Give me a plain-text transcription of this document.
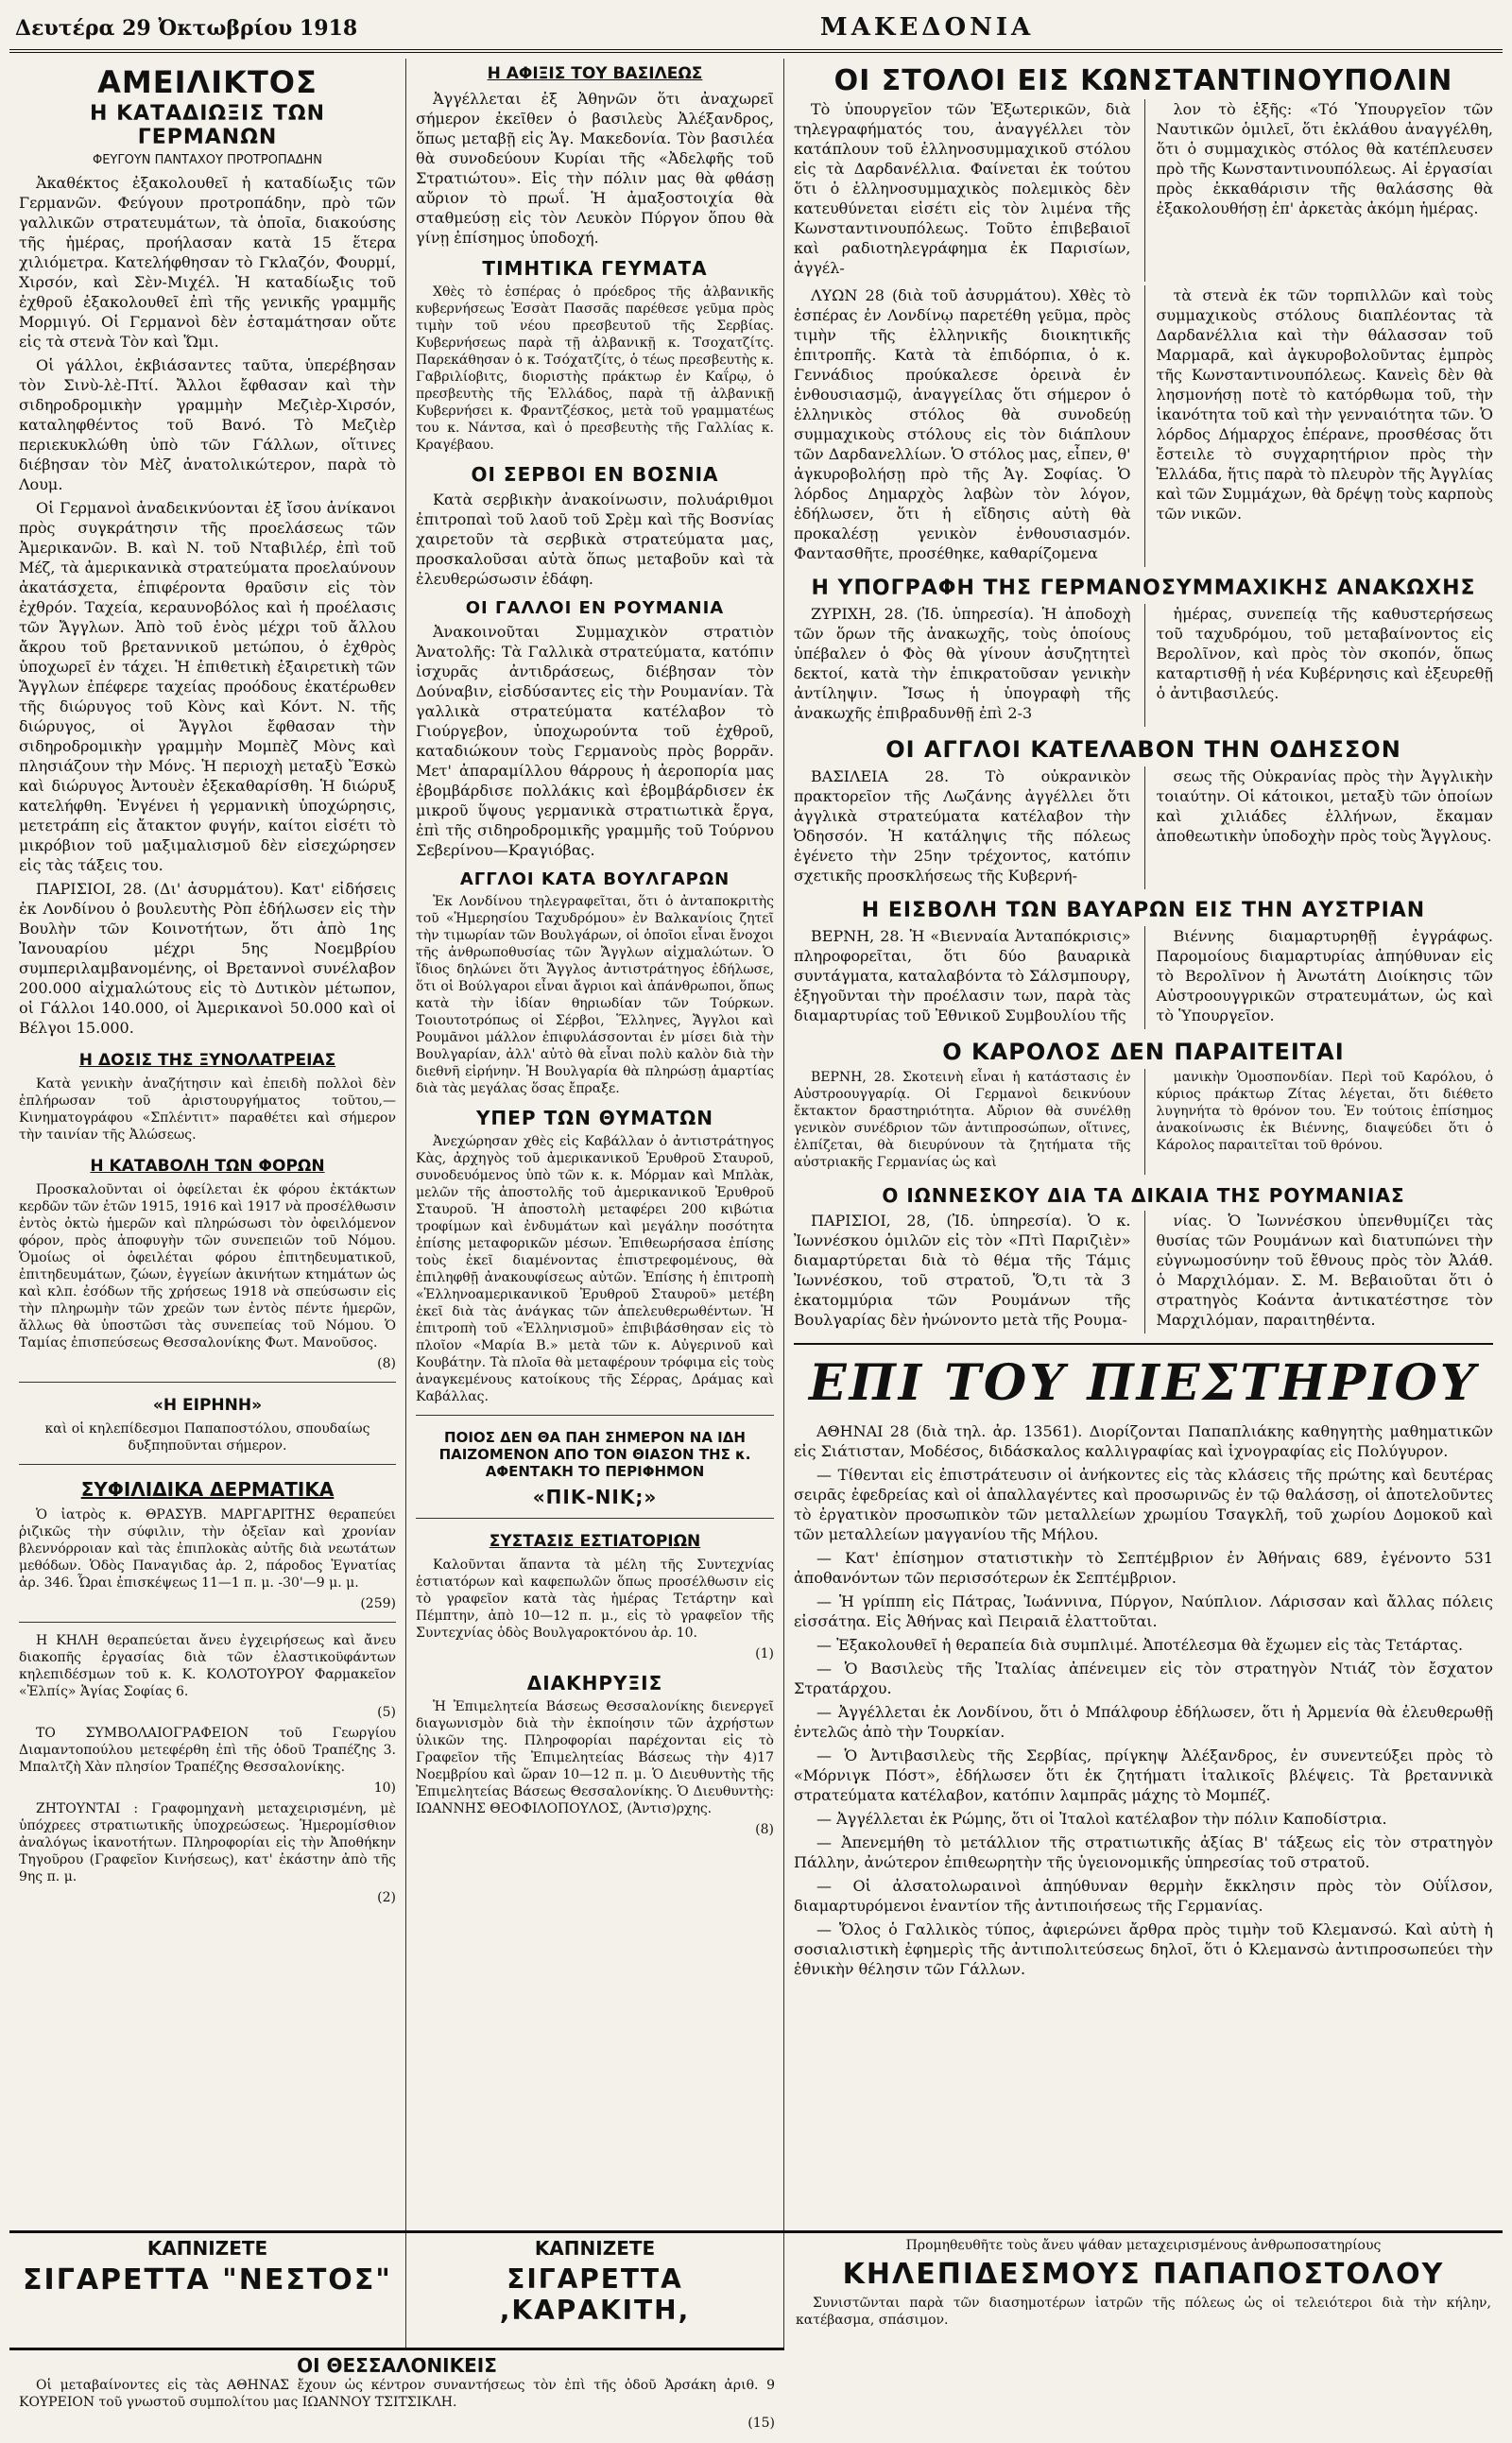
Δευτέρα 29 Ὀκτωβρίου 1918	ΜΑΚΕΔΟΝΙΑ
ΑΜΕΙΛΙΚΤΟΣ
Η ΚΑΤΑΔΙΩΞΙΣ ΤΩΝ ΓΕΡΜΑΝΩΝ
ΦΕΥΓΟΥΝ ΠΑΝΤΑΧΟΥ ΠΡΟΤΡΟΠΑΔΗΝ

Ἀκαθέκτος ἐξακολουθεῖ ἡ καταδίωξις τῶν Γερμανῶν. Φεύγουν προτροπάδην, πρὸ τῶν γαλλικῶν στρατευμάτων, τὰ ὁποῖα, διακούσης τῆς ἡμέρας, προήλασαν κατὰ 15 ἕτερα χιλιόμετρα. Κατελήφθησαν τὸ Γκλαζόν, Φουρμί, Χιρσόν, καὶ Σὲν-Μιχέλ. Ἡ καταδίωξις τοῦ ἐχθροῦ ἐξακολουθεῖ ἐπὶ τῆς γενικῆς γραμμῆς Μορμιγύ. Οἱ Γερμανοὶ δὲν ἐσταμάτησαν οὔτε εἰς τὰ στενὰ Τὸν καὶ Ὥμι.

Οἱ γάλλοι, ἐκβιάσαντες ταῦτα, ὑπερέβησαν τὸν Σινὺ-λὲ-Πτί. Ἄλλοι ἔφθασαν καὶ τὴν σιδηροδρομικὴν γραμμὴν Μεζιὲρ-Χιρσόν, καταληφθέντος τοῦ Βανό. Τὸ Μεζιὲρ περιεκυκλώθη ὑπὸ τῶν Γάλλων, οἵτινες διέβησαν τὸν Μὲζ ἀνατολικώτερον, παρὰ τὸ Λουμ.

Οἱ Γερμανοὶ ἀναδεικνύονται ἐξ ἴσου ἀνίκανοι πρὸς συγκράτησιν τῆς προελάσεως τῶν Ἀμερικανῶν. Β. καὶ Ν. τοῦ Νταβιλέρ, ἐπὶ τοῦ Μέζ, τὰ ἀμερικανικὰ στρατεύματα προελαύνουν ἀκατάσχετα, ἐπιφέροντα θραῦσιν εἰς τὸν ἐχθρόν. Ταχεία, κεραυνοβόλος καὶ ἡ προέλασις τῶν Ἄγγλων. Ἀπὸ τοῦ ἑνὸς μέχρι τοῦ ἄλλου ἄκρου τοῦ βρεταννικοῦ μετώπου, ὁ ἐχθρὸς ὑποχωρεῖ ἐν τάχει. Ἡ ἐπιθετικὴ ἐξαιρετικὴ τῶν Ἄγγλων ἐπέφερε ταχείας προόδους ἑκατέρωθεν τῆς διώρυγος τοῦ Κὸνς καὶ Κόντ. Ν. τῆς διώρυγος, οἱ Ἄγγλοι ἔφθασαν τὴν σιδηροδρομικὴν γραμμὴν Μομπὲζ Μὸνς καὶ πλησιάζουν τὴν Μόνς. Ἡ περιοχὴ μεταξὺ Ἔσκὼ καὶ διώρυγος Ἀντουὲν ἐξεκαθαρίσθη. Ἡ διώρυξ κατελήφθη. Ἐνγένει ἡ γερμανικὴ ὑποχώρησις, μετετράπη εἰς ἄτακτον φυγήν, καίτοι εἰσέτι τὸ μικρόβιον τοῦ μαξιμαλισμοῦ δὲν εἰσεχώρησεν εἰς τὰς τάξεις του.

ΠΑΡΙΣΙΟΙ, 28. (Δι' ἀσυρμάτου). Κατ' εἰδήσεις ἐκ Λονδίνου ὁ βουλευτὴς Ρὸπ ἐδήλωσεν εἰς τὴν Βουλὴν τῶν Κοινοτήτων, ὅτι ἀπὸ 1ης Ἰανουαρίου μέχρι 5ης Νοεμβρίου συμπεριλαμβανομένης, οἱ Βρεταννοὶ συνέλαβον 200.000 αἰχμαλώτους εἰς τὸ Δυτικὸν μέτωπον, οἱ Γάλλοι 140.000, οἱ Ἀμερικανοὶ 50.000 καὶ οἱ Βέλγοι 15.000.

Η ΔΟΣΙΣ ΤΗΣ ΞΥΝΟΛΑΤΡΕΙΑΣ

Κατὰ γενικὴν ἀναζήτησιν καὶ ἐπειδὴ πολλοὶ δὲν ἐπλήρωσαν τοῦ ἀριστουργήματος τοῦτου,— Κινηματογράφου «Σπλέντιτ» παραθέτει καὶ σήμερον τὴν ταινίαν τῆς Ἀλώσεως.

Η ΚΑΤΑΒΟΛΗ ΤΩΝ ΦΟΡΩΝ

Προσκαλοῦνται οἱ ὀφείλεται ἐκ φόρου ἐκτάκτων κερδῶν τῶν ἐτῶν 1915, 1916 καὶ 1917 νὰ προσέλθωσιν ἐντὸς ὀκτὼ ἡμερῶν καὶ πληρώσωσι τὸν ὀφειλόμενον φόρον, πρὸς ἀποφυγὴν τῶν συνεπειῶν τοῦ Νόμου. Ὁμοίως οἱ ὀφειλέται φόρου ἐπιτηδευματικοῦ, ἐπιτηδευμάτων, ζώων, ἐγγείων ἀκινήτων κτημάτων ὡς καὶ κλπ. ἐσόδων τῆς χρήσεως 1918 νὰ σπεύσωσιν εἰς τὴν πληρωμὴν τῶν χρεῶν των ἐντὸς πέντε ἡμερῶν, ἄλλως θὰ ὑποστῶσι τὰς συνεπείας τοῦ Νόμου. Ὁ Ταμίας ἐπισπεύσεως Θεσσαλονίκης Φωτ. Μανοῦσος.

(8)

«Η ΕΙΡΗΝΗ»

καὶ οἱ κηλεπίδεσμοι Παπαποστόλου, σπουδαίως δυξπηποῦνται σήμερον.

ΣΥΦΙΛΙΔΙΚΑ ΔΕΡΜΑΤΙΚΑ

Ὁ ἰατρὸς κ. ΘΡΑΣΥΒ. ΜΑΡΓΑΡΙΤΗΣ θεραπεύει ῥιζικῶς τὴν σύφιλιν, τὴν ὀξεῖαν καὶ χρονίαν βλεννόρροιαν καὶ τὰς ἐπιπλοκὰς αὐτῆς διὰ νεωτάτων μεθόδων. Ὁδὸς Παναγιδας ἀρ. 2, πάροδος Ἐγνατίας ἀρ. 346. Ὧραι ἐπισκέψεως 11—1 π. μ. -30'—9 μ. μ.

(259)

Η ΚΗΛΗ θεραπεύεται ἄνευ ἐγχειρήσεως καὶ ἄνευ διακοπῆς ἐργασίας διὰ τῶν ἐλαστικοϋφάντων κηλεπιδέσμων τοῦ κ. Κ. ΚΟΛΟΤΟΥΡΟΥ Φαρμακεῖον «Ἐλπίς» Ἁγίας Σοφίας 6.

(5)

ΤΟ ΣΥΜΒΟΛΑΙΟΓΡΑΦΕΙΟΝ τοῦ Γεωργίου Διαμαντοπούλου μετεφέρθη ἐπὶ τῆς ὁδοῦ Τραπέζης 3. Μπαλτζὴ Χὰν πλησίον Τραπέζης Θεσσαλονίκης.

10)

ΖΗΤΟΥΝΤΑΙ : Γραφομηχανὴ μεταχειρισμένη, μὲ ὑπόχρεες στρατιωτικῆς ὑποχρεώσεως. Ἡμερομίσθιον ἀναλόγως ἱκανοτήτων. Πληροφορίαι εἰς τὴν Ἀποθήκην Τηγοῦρου (Γραφεῖον Κινήσεως), κατ' ἑκάστην ἀπὸ τῆς 9ης π. μ.

(2)

Η ΑΦΙΞΙΣ ΤΟΥ ΒΑΣΙΛΕΩΣ

Ἀγγέλλεται ἐξ Ἀθηνῶν ὅτι ἀναχωρεῖ σήμερον ἐκεῖθεν ὁ βασιλεὺς Ἀλέξανδρος, ὅπως μεταβῇ εἰς Ἁγ. Μακεδονία. Τὸν βασιλέα θὰ συνοδεύουν Κυρίαι τῆς «Ἀδελφῆς τοῦ Στρατιώτου». Εἰς τὴν πόλιν μας θὰ φθάσῃ αὔριον τὸ πρωΐ. Ἡ ἀμαξοστοιχία θὰ σταθμεύσῃ εἰς τὸν Λευκὸν Πύργον ὅπου θὰ γίνῃ ἐπίσημος ὑποδοχή.

ΤΙΜΗΤΙΚΑ ΓΕΥΜΑΤΑ

Χθὲς τὸ ἑσπέρας ὁ πρόεδρος τῆς ἀλβανικῆς κυβερνήσεως Ἐσσὰτ Πασσᾶς παρέθεσε γεῦμα πρὸς τιμὴν τοῦ νέου πρεσβευτοῦ τῆς Σερβίας. Κυβερνήσεως παρὰ τῇ ἀλβανικῇ κ. Τσοχατζίτς. Παρεκάθησαν ὁ κ. Τσόχατζίτς, ὁ τέως πρεσβευτὴς κ. Γαβριλίοβιτς, διοριστὴς πράκτωρ ἐν Καΐρῳ, ὁ πρεσβευτὴς τῆς Ἑλλάδος, παρὰ τῇ ἀλβανικῇ Κυβερνήσει κ. Φραντζέσκος, μετὰ τοῦ γραμματέως του κ. Νάντσα, καὶ ὁ πρεσβευτὴς τῆς Γαλλίας κ. Κραγέβαου.

ΟΙ ΣΕΡΒΟΙ ΕΝ ΒΟΣΝΙΑ

Κατὰ σερβικὴν ἀνακοίνωσιν, πολυάριθμοι ἐπιτροπαὶ τοῦ λαοῦ τοῦ Σρὲμ καὶ τῆς Βοσνίας χαιρετοῦν τὰ σερβικὰ στρατεύματα μας, προσκαλοῦσαι αὐτὰ ὅπως μεταβοῦν καὶ τὰ ἐλευθερώσωσιν ἐδάφη.

ΟΙ ΓΑΛΛΟΙ ΕΝ ΡΟΥΜΑΝΙΑ

Ἀνακοινοῦται Συμμαχικὸν στρατιὸν Ἀνατολῆς: Τὰ Γαλλικὰ στρατεύματα, κατόπιν ἰσχυρᾶς ἀντιδράσεως, διέβησαν τὸν Δούναβιν, εἰσδύσαντες εἰς τὴν Ρουμανίαν. Τὰ γαλλικὰ στρατεύματα κατέλαβον τὸ Γιούργεβον, ὑποχωρούντα τοῦ ἐχθροῦ, καταδιώκουν τοὺς Γερμανοὺς πρὸς βορρᾶν. Μετ' ἀπαραμίλλου θάρρους ἡ ἀεροπορία μας ἐβομβάρδισε πολλάκις καὶ ἐβομβάρδισεν ἐκ μικροῦ ὕψους γερμανικὰ στρατιωτικὰ ἔργα, ἐπὶ τῆς σιδηροδρομικῆς γραμμῆς τοῦ Τούρνου Σεβερίνου—Κραγιόβας.

ΑΓΓΛΟΙ ΚΑΤΑ ΒΟΥΛΓΑΡΩΝ

Ἐκ Λονδίνου τηλεγραφεῖται, ὅτι ὁ ἀνταποκριτὴς τοῦ «Ἡμερησίου Ταχυδρόμου» ἐν Βαλκανίοις ζητεῖ τὴν τιμωρίαν τῶν Βουλγάρων, οἱ ὁποῖοι εἶναι ἔνοχοι τῆς ἀνθρωποθυσίας τῶν Ἄγγλων αἰχμαλώτων. Ὁ ἴδιος δηλώνει ὅτι Ἄγγλος ἀντιστράτηγος ἐδήλωσε, ὅτι οἱ Βούλγαροι εἶναι ἄγριοι καὶ ἀπάνθρωποι, ὅπως κατὰ τὴν ἰδίαν θηριωδίαν τῶν Τούρκων. Τοιουτοτρόπως οἱ Σέρβοι, Ἕλληνες, Ἄγγλοι καὶ Ρουμᾶνοι μάλλον ἐπιφυλάσσονται ἐν μίσει διὰ τὴν Βουλγαρίαν, ἀλλ' αὐτὸ θὰ εἶναι πολὺ καλὸν διὰ τὴν διεθνῆ εἰρήνην. Ἡ Βουλγαρία θὰ πληρώσῃ ἁμαρτίας διὰ τὰς μεγάλας ὅσας ἔπραξε.

ΥΠΕΡ ΤΩΝ ΘΥΜΑΤΩΝ

Ἀνεχώρησαν χθὲς εἰς Καβάλλαν ὁ ἀντιστράτηγος Κὰς, ἀρχηγὸς τοῦ ἀμερικανικοῦ Ἐρυθροῦ Σταυροῦ, συνοδευόμενος ὑπὸ τῶν κ. κ. Μόρμαν καὶ Μπλὰκ, μελῶν τῆς ἀποστολῆς τοῦ ἀμερικανικοῦ Ἐρυθροῦ Σταυροῦ. Ἡ ἀποστολὴ μεταφέρει 200 κιβώτια τροφίμων καὶ ἐνδυμάτων καὶ μεγάλην ποσότητα ἐπίσης μεταφορικῶν μέσων. Ἐπιθεωρήσασα ἐπίσης τοὺς ἐκεῖ διαμένοντας ἐπιστρεφομένους, θὰ ἐπιληφθῇ ἀνακουφίσεως αὐτῶν. Ἐπίσης ἡ ἐπιτροπὴ «Ἑλληνοαμερικανικοῦ Ἐρυθροῦ Σταυροῦ» μετέβη ἐκεῖ διὰ τὰς ἀνάγκας τῶν ἀπελευθερωθέντων. Ἡ ἐπιτροπὴ τοῦ «Ἑλληνισμοῦ» ἐπιβιβάσθησαν εἰς τὸ πλοῖον «Μαρία Β.» μετὰ τῶν κ. Αὐγερινοῦ καὶ Κουβάτην. Τὰ πλοῖα θὰ μεταφέρουν τρόφιμα εἰς τοὺς ἀναγκεμένους κατοίκους τῆς Σέρρας, Δράμας καὶ Καβάλλας.

ΠΟΙΟΣ ΔΕΝ ΘΑ ΠΑΗ ΣΗΜΕΡΟΝ ΝΑ ΙΔΗ ΠΑΙΖΟΜΕΝΟΝ ΑΠΟ ΤΟΝ ΘΙΑΣΟΝ ΤΗΣ κ. ΑΦΕΝΤΑΚΗ ΤΟ ΠΕΡΙΦΗΜΟΝ
«ΠΙΚ-ΝΙΚ;»
ΣΥΣΤΑΣΙΣ ΕΣΤΙΑΤΟΡΙΩΝ

Καλοῦνται ἅπαντα τὰ μέλη τῆς Συντεχνίας ἑστιατόρων καὶ καφεπωλῶν ὅπως προσέλθωσιν εἰς τὸ γραφεῖον κατὰ τὰς ἡμέρας Τετάρτην καὶ Πέμπτην, ἀπὸ 10—12 π. μ., εἰς τὸ γραφεῖον τῆς Συντεχνίας ὁδὸς Βουλγαροκτόνου ἀρ. 10.

(1)

ΔΙΑΚΗΡΥΞΙΣ

Ἡ Ἐπιμελητεία Βάσεως Θεσσαλονίκης διενεργεῖ διαγωνισμὸν διὰ τὴν ἐκποίησιν τῶν ἀχρήστων ὑλικῶν της. Πληροφορίαι παρέχονται εἰς τὸ Γραφεῖον τῆς Ἐπιμελητείας Βάσεως τὴν 4)17 Νοεμβρίου καὶ ὥραν 10—12 π. μ. Ὁ Διευθυντὴς τῆς Ἐπιμελητείας Βάσεως Θεσσαλονίκης. Ὁ Διευθυντὴς: ΙΩΑΝΝΗΣ ΘΕΟΦΙΛΟΠΟΥΛΟΣ, (Ἀντισ)ρχης.

(8)

ΟΙ ΣΤΟΛΟΙ ΕΙΣ ΚΩΝΣΤΑΝΤΙΝΟΥΠΟΛΙΝ

Τὸ ὑπουργεῖον τῶν Ἐξωτερικῶν, διὰ τηλεγραφήματός του, ἀναγγέλλει τὸν κατάπλουν τοῦ ἑλληνοσυμμαχικοῦ στόλου εἰς τὰ Δαρδανέλλια. Φαίνεται ἐκ τούτου ὅτι ὁ ἑλληνοσυμμαχικὸς πολεμικὸς δὲν κατευθύνεται εἰσέτι εἰς τὸν λιμένα τῆς Κωνσταντινουπόλεως. Τοῦτο ἐπιβεβαιοῖ καὶ ραδιοτηλεγράφημα ἐκ Παρισίων, ἀγγέλ-

λον τὸ ἑξῆς: «Τό Ὑπουργεῖον τῶν Ναυτικῶν ὁμιλεῖ, ὅτι ἐκλάθου ἀναγγέλθη, ὅτι ὁ συμμαχικὸς στόλος θὰ κατέπλευσεν πρὸ τῆς Κωνσταντινουπόλεως. Αἱ ἐργασίαι πρὸς ἐκκαθάρισιν τῆς θαλάσσης θὰ ἐξακολουθήσῃ ἐπ' ἀρκετὰς ἀκόμη ἡμέρας.

ΛΥΩΝ 28 (διὰ τοῦ ἀσυρμάτου). Χθὲς τὸ ἑσπέρας ἐν Λονδίνῳ παρετέθη γεῦμα, πρὸς τιμὴν τῆς ἑλληνικῆς διοικητικῆς ἐπιτροπῆς. Κατὰ τὰ ἐπιδόρπια, ὁ κ. Γεννάδιος προύκαλεσε ὀρεινὰ ἐν ἐνθουσιασμῷ, ἀναγγείλας ὅτι σήμερον ὁ ἑλληνικὸς στόλος θὰ συνοδεύῃ συμμαχικοὺς στόλους εἰς τὸν διάπλουν τῶν Δαρδανελλίων. Ὁ στόλος μας, εἶπεν, θ' ἀγκυροβολήσῃ πρὸ τῆς Ἁγ. Σοφίας. Ὁ λόρδος Δημαρχὸς λαβὼν τὸν λόγον, ἐδήλωσεν, ὅτι ἡ εἴδησις αὐτὴ θὰ προκαλέσῃ γενικὸν ἐνθουσιασμόν. Φαντασθῆτε, προσέθηκε, καθαρίζομενα

τὰ στενὰ ἐκ τῶν τορπιλλῶν καὶ τοὺς συμμαχικοὺς στόλους διαπλέοντας τὰ Δαρδανέλλια καὶ τὴν θάλασσαν τοῦ Μαρμαρᾶ, καὶ ἀγκυροβολοῦντας ἐμπρὸς τῆς Κωνσταντινουπόλεως. Κανεὶς δὲν θὰ λησμονήσῃ ποτὲ τὸ κατόρθωμα τοῦ, τὴν ἱκανότητα τοῦ καὶ τὴν γενναιότητα τῶν. Ὁ λόρδος Δήμαρχος ἐπέρανε, προσθέσας ὅτι ἔστειλε τὸ συγχαρητήριον πρὸς τὴν Ἑλλάδα, ἥτις παρὰ τὸ πλευρὸν τῆς Ἀγγλίας καὶ τῶν Συμμάχων, θὰ δρέψῃ τοὺς καρποὺς τῶν νικῶν.

Η ΥΠΟΓΡΑΦΗ ΤΗΣ ΓΕΡΜΑΝΟΣΥΜΜΑΧΙΚΗΣ ΑΝΑΚΩΧΗΣ

ΖΥΡΙΧΗ, 28. (Ἰδ. ὑπηρεσία). Ἡ ἀποδοχὴ τῶν ὅρων τῆς ἀνακωχῆς, τοὺς ὁποίους ὑπέβαλεν ὁ Φὸς θὰ γίνουν ἀσυζητητεὶ δεκτοί, κατὰ τὴν ἐπικρατοῦσαν γενικὴν ἀντίληψιν. Ἴσως ἡ ὑπογραφὴ τῆς ἀνακωχῆς ἐπιβραδυνθῇ ἐπὶ 2-3

ἡμέρας, συνεπείᾳ τῆς καθυστερήσεως τοῦ ταχυδρόμου, τοῦ μεταβαίνοντος εἰς Βερολῖνον, καὶ πρὸς τὸν σκοπόν, ὅπως καταρτισθῇ ἡ νέα Κυβέρνησις καὶ ἐξευρεθῇ ὁ ἀντιβασιλεύς.

ΟΙ ΑΓΓΛΟΙ ΚΑΤΕΛΑΒΟΝ ΤΗΝ ΟΔΗΣΣΟΝ

ΒΑΣΙΛΕΙΑ 28. Τὸ οὐκρανικὸν πρακτορεῖον τῆς Λωζάνης ἀγγέλλει ὅτι ἀγγλικὰ στρατεύματα κατέλαβον τὴν Ὀδησσόν. Ἡ κατάληψις τῆς πόλεως ἐγένετο τὴν 25ην τρέχοντος, κατόπιν σχετικῆς προσκλήσεως τῆς Κυβερνή-

σεως τῆς Οὐκρανίας πρὸς τὴν Ἀγγλικὴν τοιαύτην. Οἱ κάτοικοι, μεταξὺ τῶν ὁποίων καὶ χιλιάδες ἑλλήνων, ἔκαμαν ἀποθεωτικὴν ὑποδοχὴν πρὸς τοὺς Ἄγγλους.

Η ΕΙΣΒΟΛΗ ΤΩΝ ΒΑΥΑΡΩΝ ΕΙΣ ΤΗΝ ΑΥΣΤΡΙΑΝ

ΒΕΡΝΗ, 28. Ἡ «Βιενναία Ἀνταπόκρισις» πληροφορεῖται, ὅτι δύο βαυαρικὰ συντάγματα, καταλαβόντα τὸ Σάλσμπουργ, ἐξηγοῦνται τὴν προέλασιν των, παρὰ τὰς διαμαρτυρίας τοῦ Ἐθνικοῦ Συμβουλίου τῆς

Βιέννης διαμαρτυρηθῇ ἐγγράφως. Παρομοίους διαμαρτυρίας ἀπηύθυναν εἰς τὸ Βερολῖνον ἡ Ἀνωτάτη Διοίκησις τῶν Αὐστροουγγρικῶν στρατευμάτων, ὡς καὶ τὸ Ὑπουργεῖον.

Ο ΚΑΡΟΛΟΣ ΔΕΝ ΠΑΡΑΙΤΕΙΤΑΙ

ΒΕΡΝΗ, 28. Σκοτεινὴ εἶναι ἡ κατάστασις ἐν Αὐστροουγγαρίᾳ. Οἱ Γερμανοὶ δεικνύουν ἔκτακτον δραστηριότητα. Αὔριον θὰ συνέλθῃ γενικὸν συνέδριον τῶν ἀντιπροσώπων, οἵτινες, ἐλπίζεται, θὰ διευρύνουν τὰ ζητήματα τῆς αὐστριακῆς Γερμανίας ὡς καὶ

μανικὴν Ὁμοσπονδίαν. Περὶ τοῦ Καρόλου, ὁ κύριος πράκτωρ Ζίτας λέγεται, ὅτι διέθετο λυγηνήτα τὸ θρόνον του. Ἐν τούτοις ἐπίσημος ἀνακοίνωσις ἐκ Βιέννης, διαψεύδει ὅτι ὁ Κάρολος παραιτεῖται τοῦ θρόνου.

Ο ΙΩΝΝΕΣΚΟΥ ΔΙΑ ΤΑ ΔΙΚΑΙΑ ΤΗΣ ΡΟΥΜΑΝΙΑΣ

ΠΑΡΙΣΙΟΙ, 28, (Ἰδ. ὑπηρεσία). Ὁ κ. Ἰωννέσκου ὁμιλῶν εἰς τὸν «Πτὶ Παριζιὲν» διαμαρτύρεται διὰ τὸ θέμα τῆς Τάμις Ἰωννέσκου, τοῦ στρατοῦ, Ὅ,τι τὰ 3 ἑκατομμύρια τῶν Ρουμάνων τῆς Βουλγαρίας δὲν ἠνώνοντο μετὰ τῆς Ρουμα-

νίας. Ὁ Ἰωννέσκου ὑπενθυμίζει τὰς θυσίας τῶν Ρουμάνων καὶ διατυπώνει τὴν εὐγνωμοσύνην τοῦ ἔθνους πρὸς τὸν Ἀλάθ. ὁ Μαρχιλόμαν. Σ. Μ. Βεβαιοῦται ὅτι ὁ στρατηγὸς Κοάντα ἀντικατέστησε τὸν Μαρχιλόμαν, παραιτηθέντα.

ΕΠΙ ΤΟΥ ΠΙΕΣΤΗΡΙΟΥ

ΑΘΗΝΑΙ 28 (διὰ τηλ. ἀρ. 13561). Διορίζονται Παπαπλιάκης καθηγητὴς μαθηματικῶν εἰς Σιάτισταν, Μοδέσος, διδάσκαλος καλλιγραφίας καὶ ἰχνογραφίας εἰς Πολύγυρον.

— Τίθενται εἰς ἐπιστράτευσιν οἱ ἀνήκοντες εἰς τὰς κλάσεις τῆς πρώτης καὶ δευτέρας σειρᾶς ἐφεδρείας καὶ οἱ ἀπαλλαγέντες καὶ προσωρινῶς ἐν τῷ θαλάσσῃ, οἱ ἀποτελοῦντες τὸ ἐργατικὸν προσωπικὸν τῶν μεταλλείων χρωμίου Τσαγκλῆ, τοῦ χωρίου Δομοκοῦ καὶ τῶν μεταλλείων μαγγανίου τῆς Μήλου.

— Κατ' ἐπίσημον στατιστικὴν τὸ Σεπτέμβριον ἐν Ἀθήναις 689, ἐγένοντο 531 ἀποθανόντων τῶν περισσότερων ἐκ Σεπτέμβριον.

— Ἡ γρίππη εἰς Πάτρας, Ἰωάννινα, Πύργον, Ναύπλιον. Λάρισσαν καὶ ἄλλας πόλεις εἰσσάτηα. Εἰς Ἀθήνας καὶ Πειραιᾶ ἐλαττοῦται.

— Ἐξακολουθεῖ ἡ θεραπεία διὰ συμπλιμέ. Ἀποτέλεσμα θὰ ἔχωμεν εἰς τὰς Τετάρτας.

— Ὁ Βασιλεὺς τῆς Ἰταλίας ἀπένειμεν εἰς τὸν στρατηγὸν Ντιάζ τὸν ἔσχατον Στρατάρχου.

— Ἀγγέλλεται ἐκ Λονδίνου, ὅτι ὁ Μπάλφουρ ἐδήλωσεν, ὅτι ἡ Ἀρμενία θὰ ἐλευθερωθῇ ἐντελῶς ἀπὸ τὴν Τουρκίαν.

— Ὁ Ἀντιβασιλεὺς τῆς Σερβίας, πρίγκηψ Ἀλέξανδρος, ἐν συνεντεύξει πρὸς τὸ «Μόρνιγκ Πόστ», ἐδήλωσεν ὅτι ἐκ ζητήματι ἰταλικοῖς βλέψεις. Τὰ βρεταννικὰ στρατεύματα κατέλαβον, κατόπιν λαμπρᾶς μάχης τὸ Μομπέζ.

— Ἀγγέλλεται ἐκ Ρώμης, ὅτι οἱ Ἰταλοὶ κατέλαβον τὴν πόλιν Καποδίστρια.

— Ἀπενεμήθη τὸ μετάλλιον τῆς στρατιωτικῆς ἀξίας Β' τάξεως εἰς τὸν στρατηγὸν Πάλλην, ἀνώτερον ἐπιθεωρητὴν τῆς ὑγειονομικῆς ὑπηρεσίας τοῦ στρατοῦ.

— Οἱ ἀλσατολωραινοὶ ἀπηύθυναν θερμὴν ἔκκλησιν πρὸς τὸν Οὐΐλσον, διαμαρτυρόμενοι ἐναντίον τῆς ἀντιποιήσεως τῆς Γερμανίας.

— Ὅλος ὁ Γαλλικὸς τύπος, ἀφιερώνει ἄρθρα πρὸς τιμὴν τοῦ Κλεμανσώ. Καὶ αὐτὴ ἡ σοσιαλιστικὴ ἐφημερὶς τῆς ἀντιπολιτεύσεως δηλοῖ, ὅτι ὁ Κλεμανσὼ ἀντιπροσωπεύει τὴν ἐθνικὴν θέλησιν τῶν Γάλλων.

ΚΑΠΝΙΖΕΤΕ
ΣΙΓΑΡΕΤΤΑ "ΝΕΣΤΟΣ"
ΚΑΠΝΙΖΕΤΕ
ΣΙΓΑΡΕΤΤΑ ,ΚΑΡΑΚΙΤΗ,

Προμηθευθῆτε τοὺς ἄνευ ψάθαν μεταχειρισμένους ἀνθρωποσατηρίους

ΚΗΛΕΠΙΔΕΣΜΟΥΣ ΠΑΠΑΠΟΣΤΟΛΟΥ

Συνιστῶνται παρὰ τῶν διασημοτέρων ἰατρῶν τῆς πόλεως ὡς οἱ τελειότεροι διὰ τὴν κήλην, κατέβασμα, σπάσιμον.

ΟΙ ΘΕΣΣΑΛΟΝΙΚΕΙΣ

Οἱ μεταβαίνοντες εἰς τὰς ΑΘΗΝΑΣ ἔχουν ὡς κέντρον συναντήσεως τὸν ἐπὶ τῆς ὁδοῦ Ἀρσάκη ἀριθ. 9 ΚΟΥΡΕΙΟΝ τοῦ γνωστοῦ συμπολίτου μας ΙΩΑΝΝΟΥ ΤΣΙΤΣΙΚΛΗ.

(15)
